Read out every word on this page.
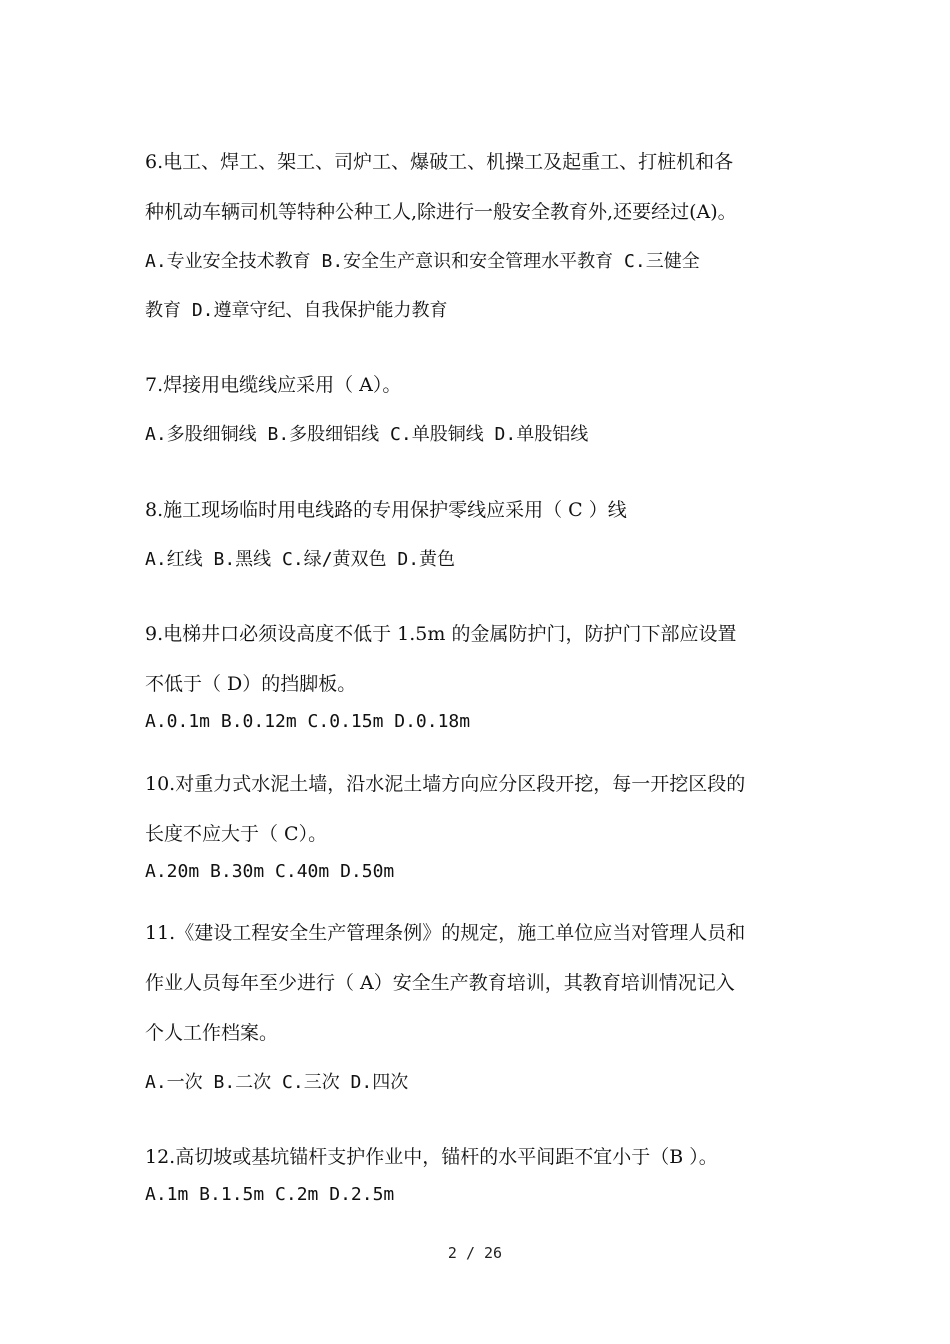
6.电工、焊工、架工、司炉工、爆破工、机操工及起重工、打桩机和各
种机动车辆司机等特种公种工人,除进行一般安全教育外,还要经过(A)。
A.专业安全技术教育 B.安全生产意识和安全管理水平教育 C.三健全
教育 D.遵章守纪、自我保护能力教育
7.焊接用电缆线应采用（ A）。
A.多股细铜线 B.多股细铝线 C.单股铜线 D.单股铝线
8.施工现场临时用电线路的专用保护零线应采用（ C ）线
A.红线 B.黑线 C.绿/黄双色 D.黄色
9.电梯井口必须设高度不低于 1.5m 的金属防护门，防护门下部应设置
不低于（ D）的挡脚板。
A.0.1m B.0.12m C.0.15m D.0.18m
10.对重力式水泥土墙，沿水泥土墙方向应分区段开挖，每一开挖区段的
长度不应大于（ C）。
A.20m B.30m C.40m D.50m
11.《建设工程安全生产管理条例》的规定，施工单位应当对管理人员和
作业人员每年至少进行（ A）安全生产教育培训，其教育培训情况记入
个人工作档案。
A.一次 B.二次 C.三次 D.四次
12.高切坡或基坑锚杆支护作业中，锚杆的水平间距不宜小于（B ）。
A.1m B.1.5m C.2m D.2.5m
2 / 26
